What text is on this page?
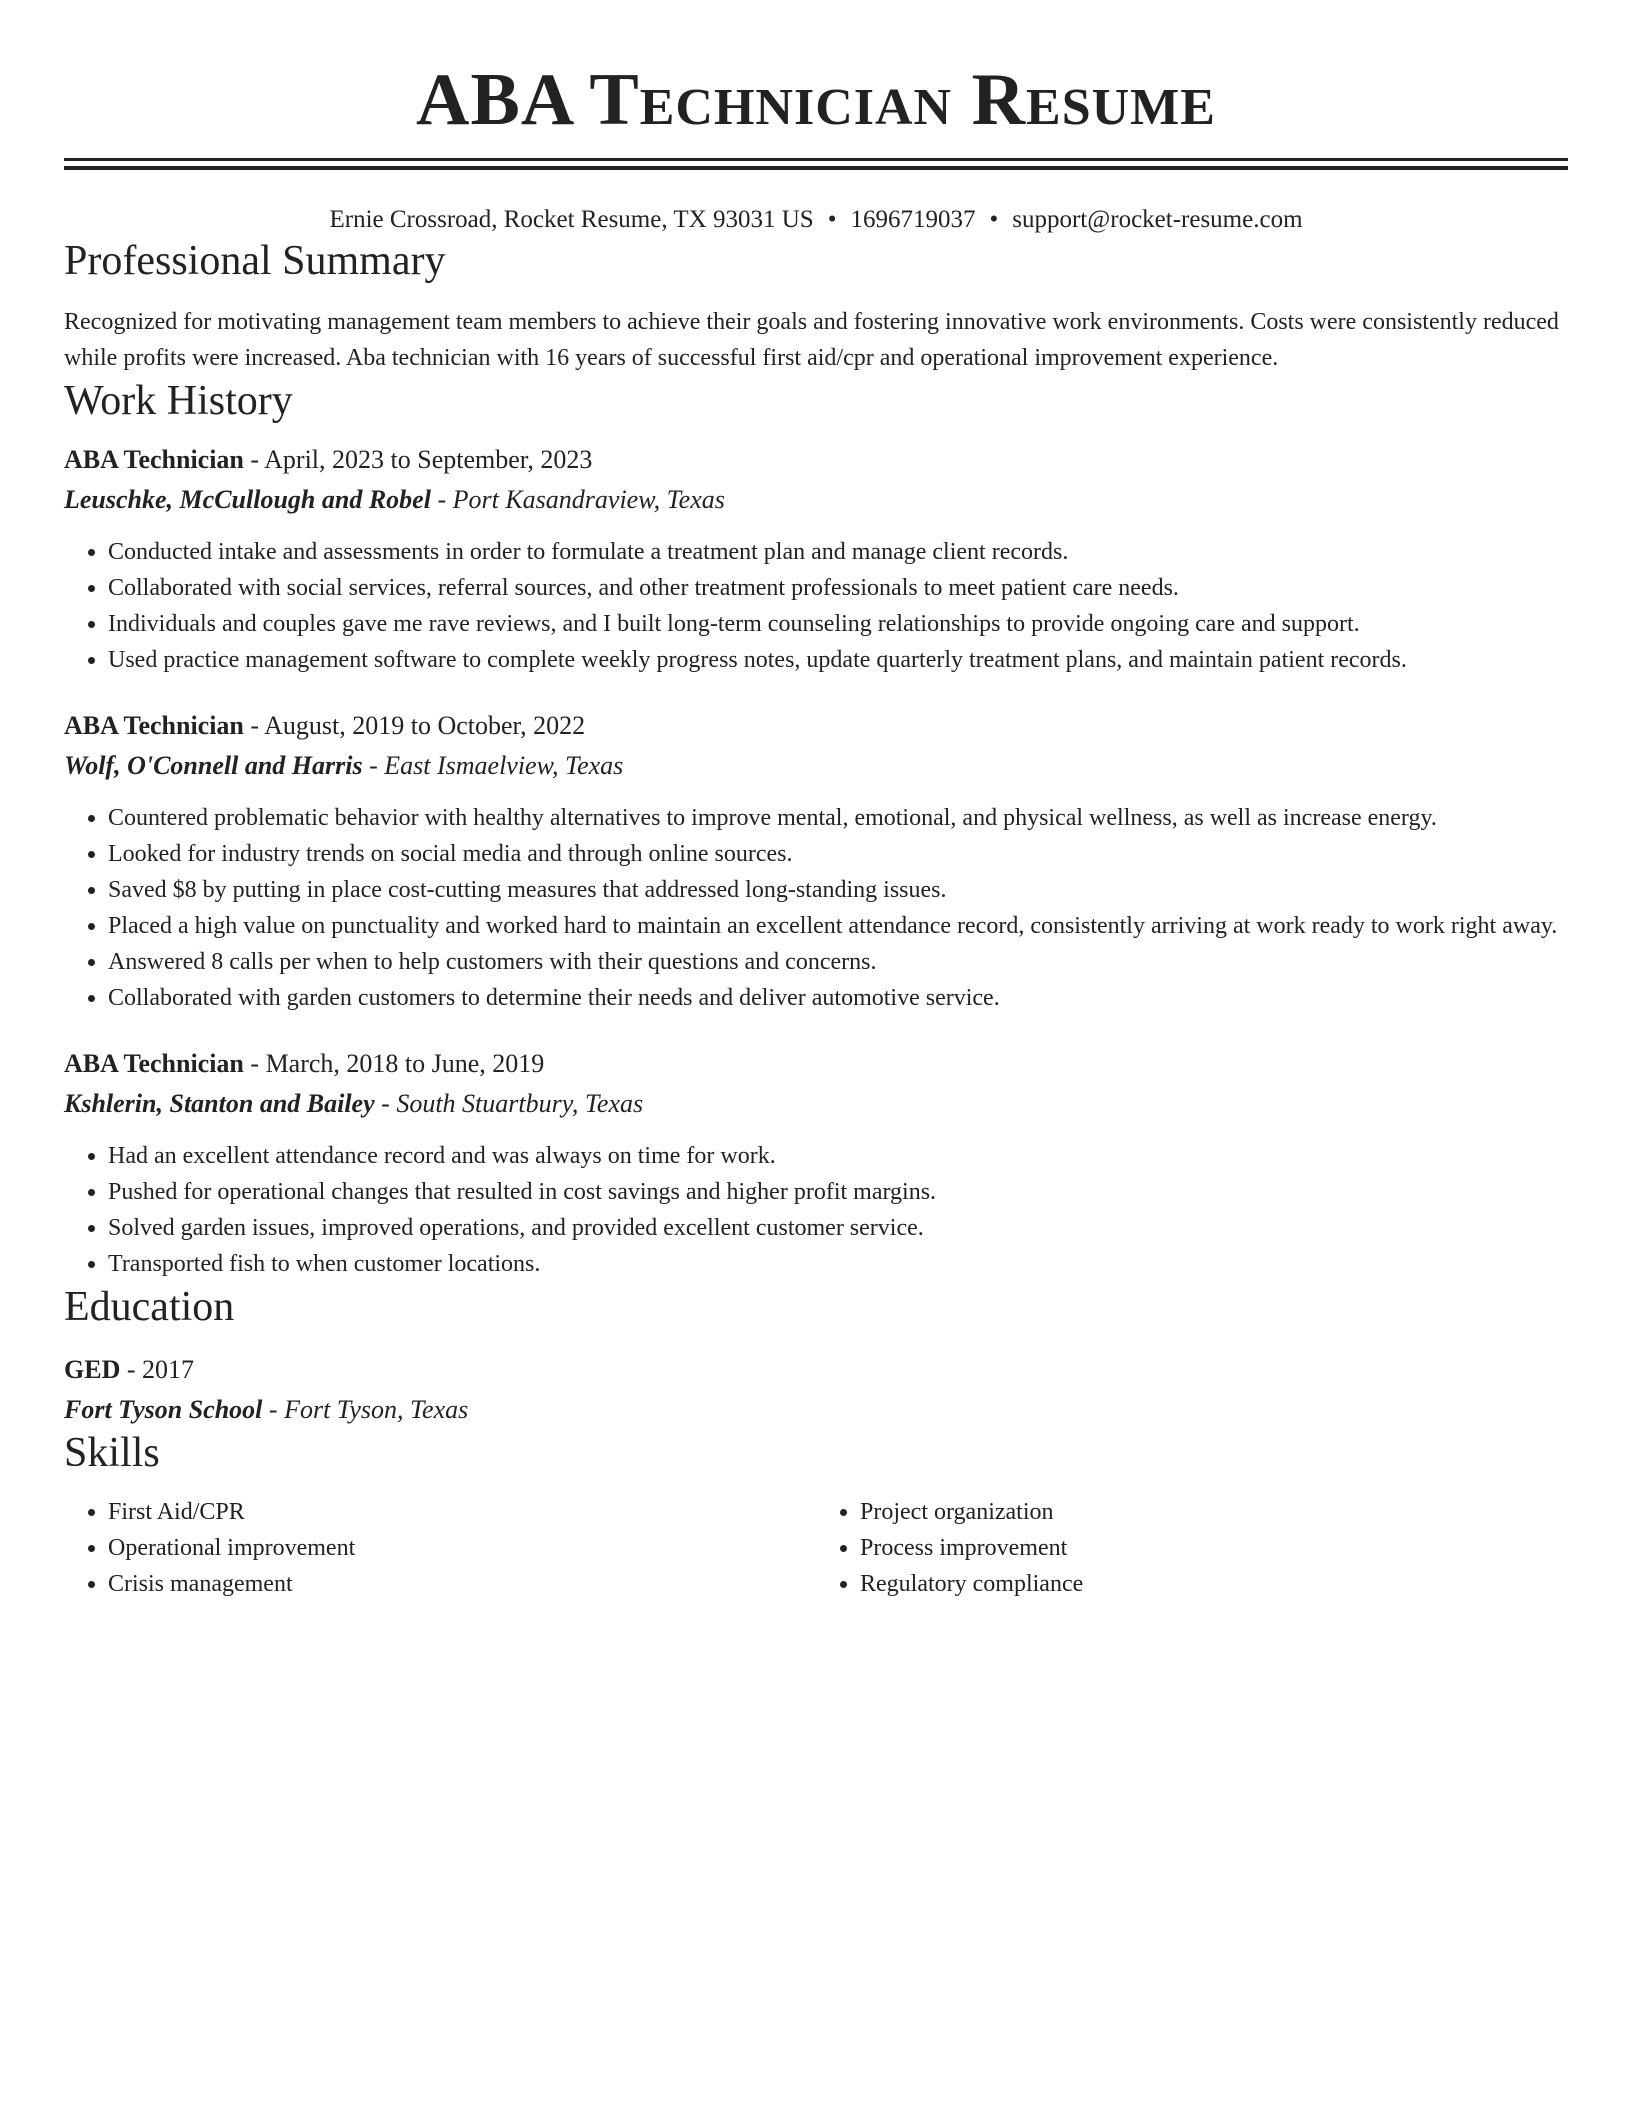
ABA Technician Resume
Ernie Crossroad, Rocket Resume, TX 93031 US • 1696719037 • support@rocket-resume.com
Professional Summary

Recognized for motivating management team members to achieve their goals and fostering innovative work environments. Costs were consistently reduced while profits were increased. Aba technician with 16 years of successful first aid/cpr and operational improvement experience.

Work History
ABA Technician - April, 2023 to September, 2023
Leuschke, McCullough and Robel - Port Kasandraview, Texas
• Conducted intake and assessments in order to formulate a treatment plan and manage client records.
• Collaborated with social services, referral sources, and other treatment professionals to meet patient care needs.
• Individuals and couples gave me rave reviews, and I built long-term counseling relationships to provide ongoing care and support.
• Used practice management software to complete weekly progress notes, update quarterly treatment plans, and maintain patient records.
ABA Technician - August, 2019 to October, 2022
Wolf, O'Connell and Harris - East Ismaelview, Texas
• Countered problematic behavior with healthy alternatives to improve mental, emotional, and physical wellness, as well as increase energy.
• Looked for industry trends on social media and through online sources.
• Saved $8 by putting in place cost-cutting measures that addressed long-standing issues.
• Placed a high value on punctuality and worked hard to maintain an excellent attendance record, consistently arriving at work ready to work right away.
• Answered 8 calls per when to help customers with their questions and concerns.
• Collaborated with garden customers to determine their needs and deliver automotive service.
ABA Technician - March, 2018 to June, 2019
Kshlerin, Stanton and Bailey - South Stuartbury, Texas
• Had an excellent attendance record and was always on time for work.
• Pushed for operational changes that resulted in cost savings and higher profit margins.
• Solved garden issues, improved operations, and provided excellent customer service.
• Transported fish to when customer locations.
Education
GED - 2017
Fort Tyson School - Fort Tyson, Texas
Skills
• First Aid/CPR
• Operational improvement
• Crisis management
• Project organization
• Process improvement
• Regulatory compliance
